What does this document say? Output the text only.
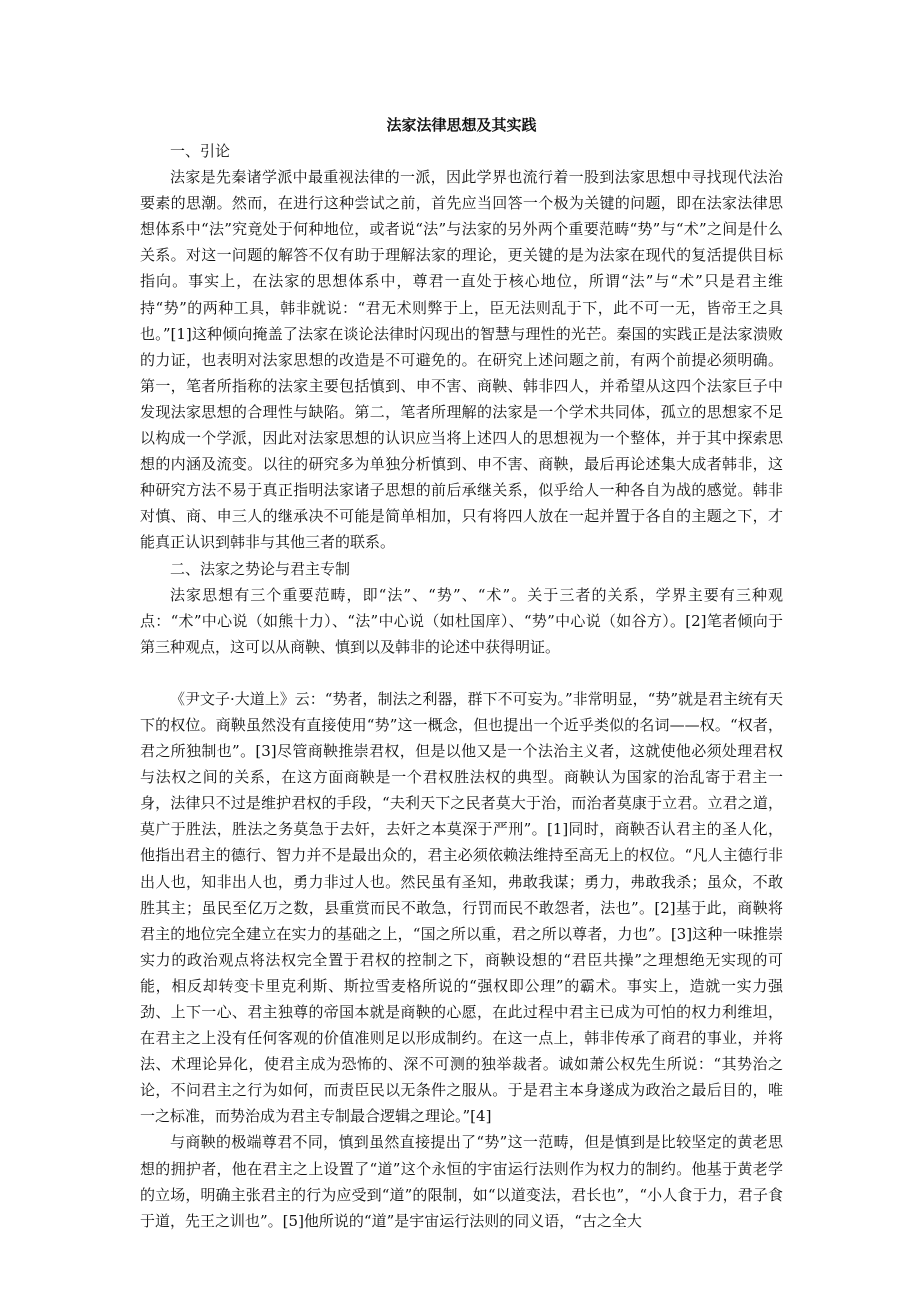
法家法律思想及其实践

一、引论

法家是先秦诸学派中最重视法律的一派，因此学界也流行着一股到法家思想中寻找现代法治要素的思潮。然而，在进行这种尝试之前，首先应当回答一个极为关键的问题，即在法家法律思想体系中“法”究竟处于何种地位，或者说“法”与法家的另外两个重要范畴“势”与“术”之间是什么关系。对这一问题的解答不仅有助于理解法家的理论，更关键的是为法家在现代的复活提供目标指向。事实上，在法家的思想体系中，尊君一直处于核心地位，所谓“法”与“术”只是君主维持“势”的两种工具，韩非就说：“君无术则弊于上，臣无法则乱于下，此不可一无，皆帝王之具也。”[1]这种倾向掩盖了法家在谈论法律时闪现出的智慧与理性的光芒。秦国的实践正是法家溃败的力证，也表明对法家思想的改造是不可避免的。在研究上述问题之前，有两个前提必须明确。第一，笔者所指称的法家主要包括慎到、申不害、商鞅、韩非四人，并希望从这四个法家巨子中发现法家思想的合理性与缺陷。第二，笔者所理解的法家是一个学术共同体，孤立的思想家不足以构成一个学派，因此对法家思想的认识应当将上述四人的思想视为一个整体，并于其中探索思想的内涵及流变。以往的研究多为单独分析慎到、申不害、商鞅，最后再论述集大成者韩非，这种研究方法不易于真正指明法家诸子思想的前后承继关系，似乎给人一种各自为战的感觉。韩非对慎、商、申三人的继承决不可能是简单相加，只有将四人放在一起并置于各自的主题之下，才能真正认识到韩非与其他三者的联系。

二、法家之势论与君主专制

法家思想有三个重要范畴，即“法”、“势”、“术”。关于三者的关系，学界主要有三种观点：“术”中心说（如熊十力）、“法”中心说（如杜国庠）、“势”中心说（如谷方）。[2]笔者倾向于第三种观点，这可以从商鞅、慎到以及韩非的论述中获得明证。

《尹文子·大道上》云：“势者，制法之利器，群下不可妄为。”非常明显，“势”就是君主统有天下的权位。商鞅虽然没有直接使用“势”这一概念，但也提出一个近乎类似的名词——权。“权者，君之所独制也”。[3]尽管商鞅推崇君权，但是以他又是一个法治主义者，这就使他必须处理君权与法权之间的关系，在这方面商鞅是一个君权胜法权的典型。商鞅认为国家的治乱寄于君主一身，法律只不过是维护君权的手段，“夫利天下之民者莫大于治，而治者莫康于立君。立君之道，莫广于胜法，胜法之务莫急于去奸，去奸之本莫深于严刑”。[1]同时，商鞅否认君主的圣人化，他指出君主的德行、智力并不是最出众的，君主必须依赖法维持至高无上的权位。“凡人主德行非出人也，知非出人也，勇力非过人也。然民虽有圣知，弗敢我谋；勇力，弗敢我杀；虽众，不敢胜其主；虽民至亿万之数，县重赏而民不敢急，行罚而民不敢怨者，法也”。[2]基于此，商鞅将君主的地位完全建立在实力的基础之上，“国之所以重，君之所以尊者，力也”。[3]这种一味推崇实力的政治观点将法权完全置于君权的控制之下，商鞅设想的“君臣共操”之理想绝无实现的可能，相反却转变卡里克利斯、斯拉雪麦格所说的“强权即公理”的霸术。事实上，造就一实力强劲、上下一心、君主独尊的帝国本就是商鞅的心愿，在此过程中君主已成为可怕的权力利维坦，在君主之上没有任何客观的价值准则足以形成制约。在这一点上，韩非传承了商君的事业，并将法、术理论异化，使君主成为恐怖的、深不可测的独举裁者。诚如萧公权先生所说：“其势治之论，不问君主之行为如何，而责臣民以无条件之服从。于是君主本身遂成为政治之最后目的，唯一之标准，而势治成为君主专制最合逻辑之理论。”[4]

与商鞅的极端尊君不同，慎到虽然直接提出了“势”这一范畴，但是慎到是比较坚定的黄老思想的拥护者，他在君主之上设置了“道”这个永恒的宇宙运行法则作为权力的制约。他基于黄老学的立场，明确主张君主的行为应受到“道”的限制，如“以道变法，君长也”，“小人食于力，君子食于道，先王之训也”。[5]他所说的“道”是宇宙运行法则的同义语，“古之全大
